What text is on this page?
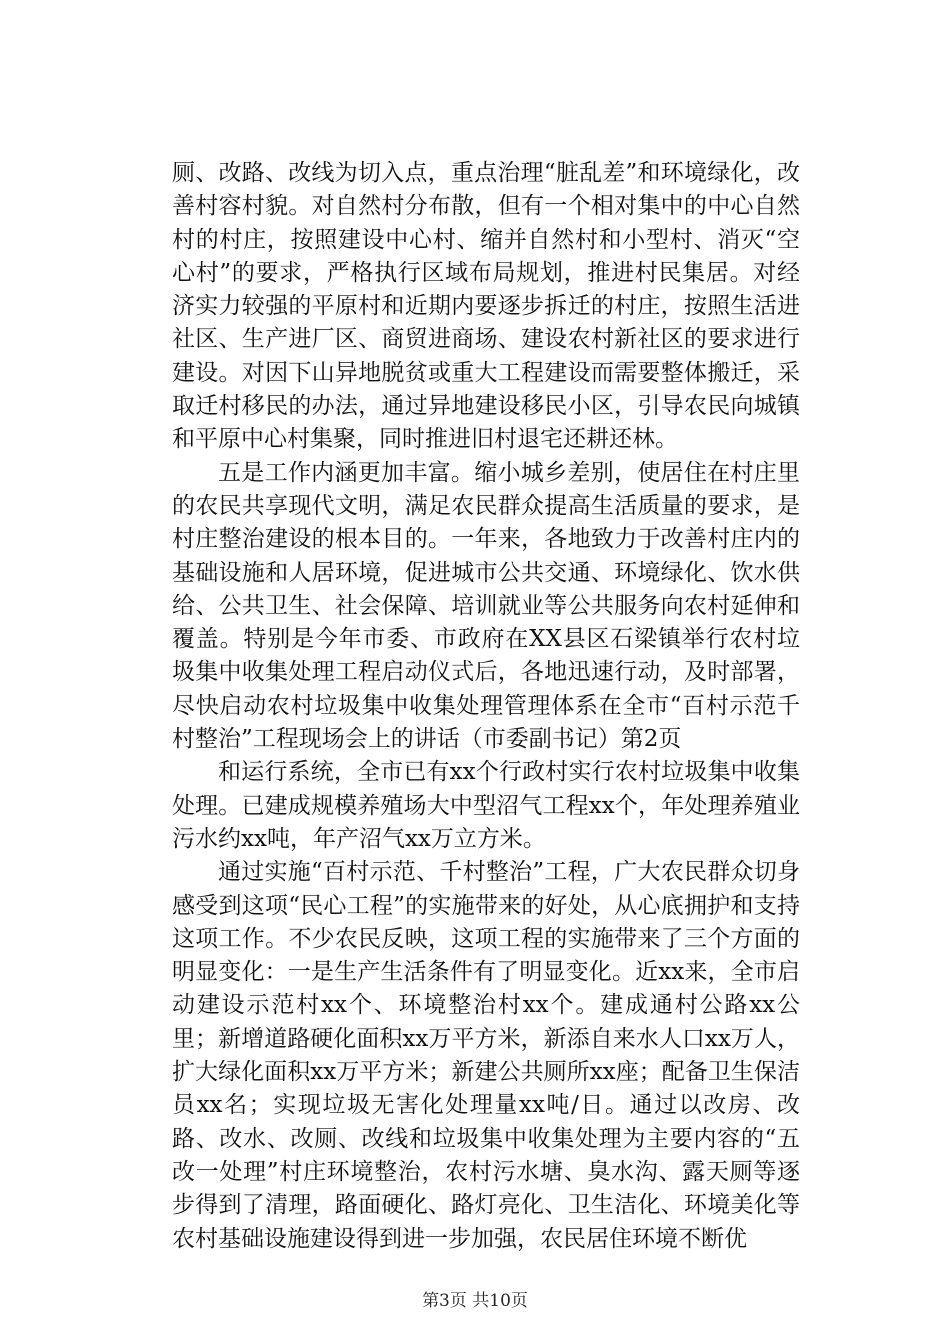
厕、改路、改线为切入点，重点治理“脏乱差”和环境绿化，改善村容村貌。对自然村分布散，但有一个相对集中的中心自然村的村庄，按照建设中心村、缩并自然村和小型村、消灭“空心村”的要求，严格执行区域布局规划，推进村民集居。对经济实力较强的平原村和近期内要逐步拆迁的村庄，按照生活进社区、生产进厂区、商贸进商场、建设农村新社区的要求进行建设。对因下山异地脱贫或重大工程建设而需要整体搬迁，采取迁村移民的办法，通过异地建设移民小区，引导农民向城镇和平原中心村集聚，同时推进旧村退宅还耕还林。

五是工作内涵更加丰富。缩小城乡差别，使居住在村庄里的农民共享现代文明，满足农民群众提高生活质量的要求，是村庄整治建设的根本目的。一年来，各地致力于改善村庄内的基础设施和人居环境，促进城市公共交通、环境绿化、饮水供给、公共卫生、社会保障、培训就业等公共服务向农村延伸和覆盖。特别是今年市委、市政府在XX县区石梁镇举行农村垃圾集中收集处理工程启动仪式后，各地迅速行动，及时部署，尽快启动农村垃圾集中收集处理管理体系在全市“百村示范千村整治”工程现场会上的讲话（市委副书记）第2页

和运行系统，全市已有xx个行政村实行农村垃圾集中收集处理。已建成规模养殖场大中型沼气工程xx个，年处理养殖业污水约xx吨，年产沼气xx万立方米。

通过实施“百村示范、千村整治”工程，广大农民群众切身感受到这项“民心工程”的实施带来的好处，从心底拥护和支持这项工作。不少农民反映，这项工程的实施带来了三个方面的明显变化：一是生产生活条件有了明显变化。近xx来，全市启动建设示范村xx个、环境整治村xx个。建成通村公路xx公里；新增道路硬化面积xx万平方米，新添自来水人口xx万人，扩大绿化面积xx万平方米；新建公共厕所xx座；配备卫生保洁员xx名；实现垃圾无害化处理量xx吨/日。通过以改房、改路、改水、改厕、改线和垃圾集中收集处理为主要内容的“五改一处理”村庄环境整治，农村污水塘、臭水沟、露天厕等逐步得到了清理，路面硬化、路灯亮化、卫生洁化、环境美化等农村基础设施建设得到进一步加强，农民居住环境不断优

第3页 共10页
